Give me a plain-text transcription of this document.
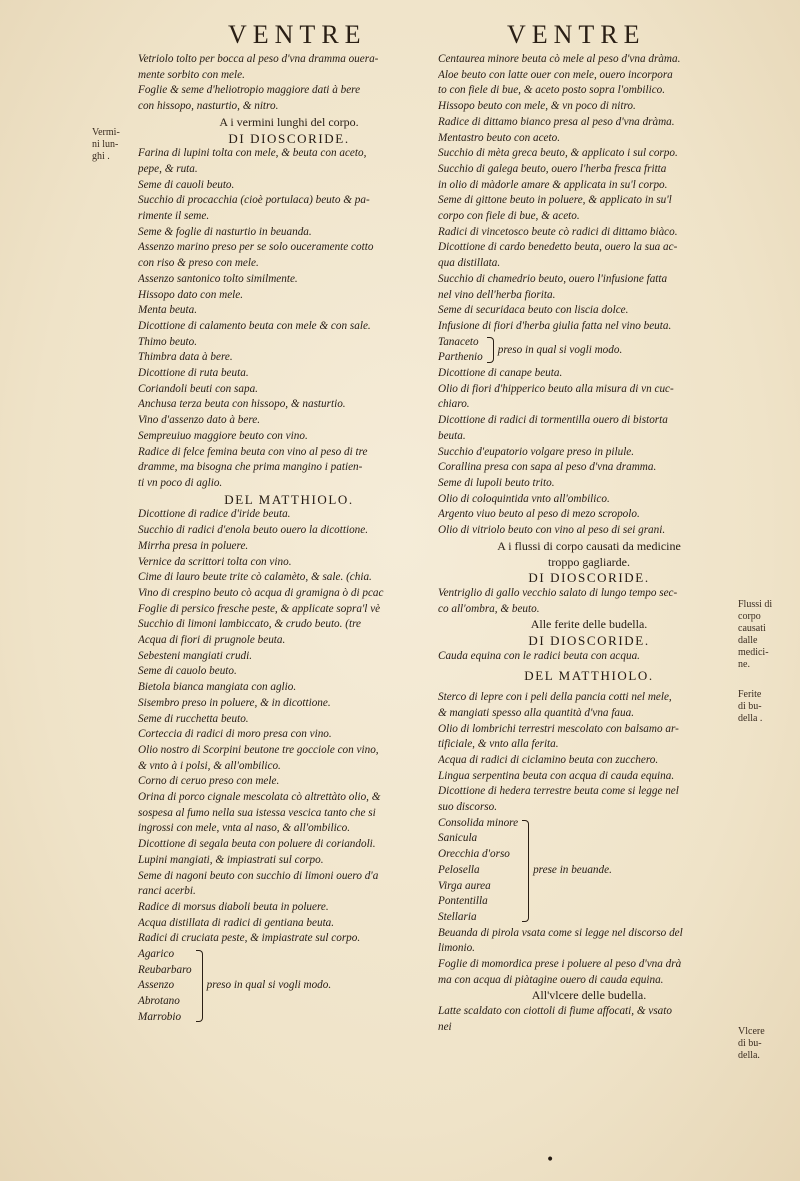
VENTRE	VENTRE
Vermi-
ni lun-
ghi .
Flussi di
corpo
causati
dalle
medici-
ne.
Ferite
di bu-
della .
Vlcere
di bu-
della.
Vetriolo tolto per bocca al peso d'vna dramma ouera-
mente sorbito con mele.
Foglie & seme d'heliotropio maggiore dati à bere
con hissopo, nasturtio, & nitro.
A i vermini lunghi del corpo.
DI DIOSCORIDE.
Farina di lupini tolta con mele, & beuta con aceto,
pepe, & ruta.
Seme di cauoli beuto.
Succhio di procacchia (cioè portulaca) beuto & pa-
rimente il seme.
Seme & foglie di nasturtio in beuanda.
Assenzo marino preso per se solo ouceramente cotto
con riso & preso con mele.
Assenzo santonico tolto similmente.
Hissopo dato con mele.
Menta beuta.
Dicottione di calamento beuta con mele & con sale.
Thimo beuto.
Thimbra data à bere.
Dicottione di ruta beuta.
Coriandoli beuti con sapa.
Anchusa terza beuta con hissopo, & nasturtio.
Vino d'assenzo dato à bere.
Sempreuiuo maggiore beuto con vino.
Radice di felce femina beuta con vino al peso di tre
dramme, ma bisogna che prima mangino i patien-
ti vn poco di aglio.
DEL MATTHIOLO.
Dicottione di radice d'iride beuta.
Succhio di radici d'enola beuto ouero la dicottione.
Mirrha presa in poluere.
Vernice da scrittori tolta con vino.
Cime di lauro beute trite cò calamèto, & sale. (chia.
Vino di crespino beuto cò acqua di gramigna ò di pcac
Foglie di persico fresche peste, & applicate sopra'l vè
Succhio di limoni lambiccato, & crudo beuto. (tre
Acqua di fiori di prugnole beuta.
Sebesteni mangiati crudi.
Seme di cauolo beuto.
Bietola bianca mangiata con aglio.
Sisembro preso in poluere, & in dicottione.
Seme di rucchetta beuto.
Corteccia di radici di moro presa con vino.
Olio nostro di Scorpini beutone tre gocciole con vino,
& vnto à i polsi, & all'ombilico.
Corno di ceruo preso con mele.
Orina di porco cignale mescolata cò altrettàto olio, &
sospesa al fumo nella sua istessa vescica tanto che si
ingrossi con mele, vnta al naso, & all'ombilico.
Dicottione di segala beuta con poluere di coriandoli.
Lupini mangiati, & impiastrati sul corpo.
Seme di nagoni beuto con succhio di limoni ouero d'a
ranci acerbi.
Radice di morsus diaboli beuta in poluere.
Acqua distillata di radici di gentiana beuta.
Radici di cruciata peste, & impiastrate sul corpo.
Agarico
Reubarbaro
Assenzo
Abrotano
Marrobio
preso in qual si vogli modo.
Centaurea minore beuta cò mele al peso d'vna dràma.
Aloe beuto con latte ouer con mele, ouero incorpora
to con fiele di bue, & aceto posto sopra l'ombilico.
Hissopo beuto con mele, & vn poco di nitro.
Radice di dittamo bianco presa al peso d'vna dràma.
Mentastro beuto con aceto.
Succhio di mèta greca beuto, & applicato i sul corpo.
Succhio di galega beuto, ouero l'herba fresca fritta
in olio di màdorle amare & applicata in su'l corpo.
Seme di gittone beuto in poluere, & applicato in su'l
corpo con fiele di bue, & aceto.
Radici di vincetosco beute cò radici di dittamo biàco.
Dicottione di cardo benedetto beuta, ouero la sua ac-
qua distillata.
Succhio di chamedrio beuto, ouero l'infusione fatta
nel vino dell'herba fiorita.
Seme di securidaca beuto con liscia dolce.
Infusione di fiori d'herba giulia fatta nel vino beuta.
Tanaceto
Parthenio
preso in qual si vogli modo.
Dicottione di canape beuta.
Olio di fiori d'hipperico beuto alla misura di vn cuc-
chiaro.
Dicottione di radici di tormentilla ouero di bistorta
beuta.
Succhio d'eupatorio volgare preso in pilule.
Corallina presa con sapa al peso d'vna dramma.
Seme di lupoli beuto trito.
Olio di coloquintida vnto all'ombilico.
Argento viuo beuto al peso di mezo scropolo.
Olio di vitriolo beuto con vino al peso di sei grani.
A i flussi di corpo causati da medicine
troppo gagliarde.
DI DIOSCORIDE.
Ventriglio di gallo vecchio salato di lungo tempo sec-
co all'ombra, & beuto.
Alle ferite delle budella.
DI DIOSCORIDE.
Cauda equina con le radici beuta con acqua.
DEL MATTHIOLO.
Sterco di lepre con i peli della pancia cotti nel mele,
& mangiati spesso alla quantità d'vna faua.
Olio di lombrichi terrestri mescolato con balsamo ar-
tificiale, & vnto alla ferita.
Acqua di radici di ciclamino beuta con zucchero.
Lingua serpentina beuta con acqua di cauda equina.
Dicottione di hedera terrestre beuta come si legge nel
suo discorso.
Consolida minore
Sanicula
Orecchia d'orso
Pelosella
Virga aurea
Pontentilla
Stellaria
prese in beuande.
Beuanda di pirola vsata come si legge nel discorso del
limonio.
Foglie di momordica prese i poluere al peso d'vna drà
ma con acqua di piàtagine ouero di cauda equina.
All'vlcere delle budella.
Latte scaldato con ciottoli di fiume affocati, & vsato
nei
•
